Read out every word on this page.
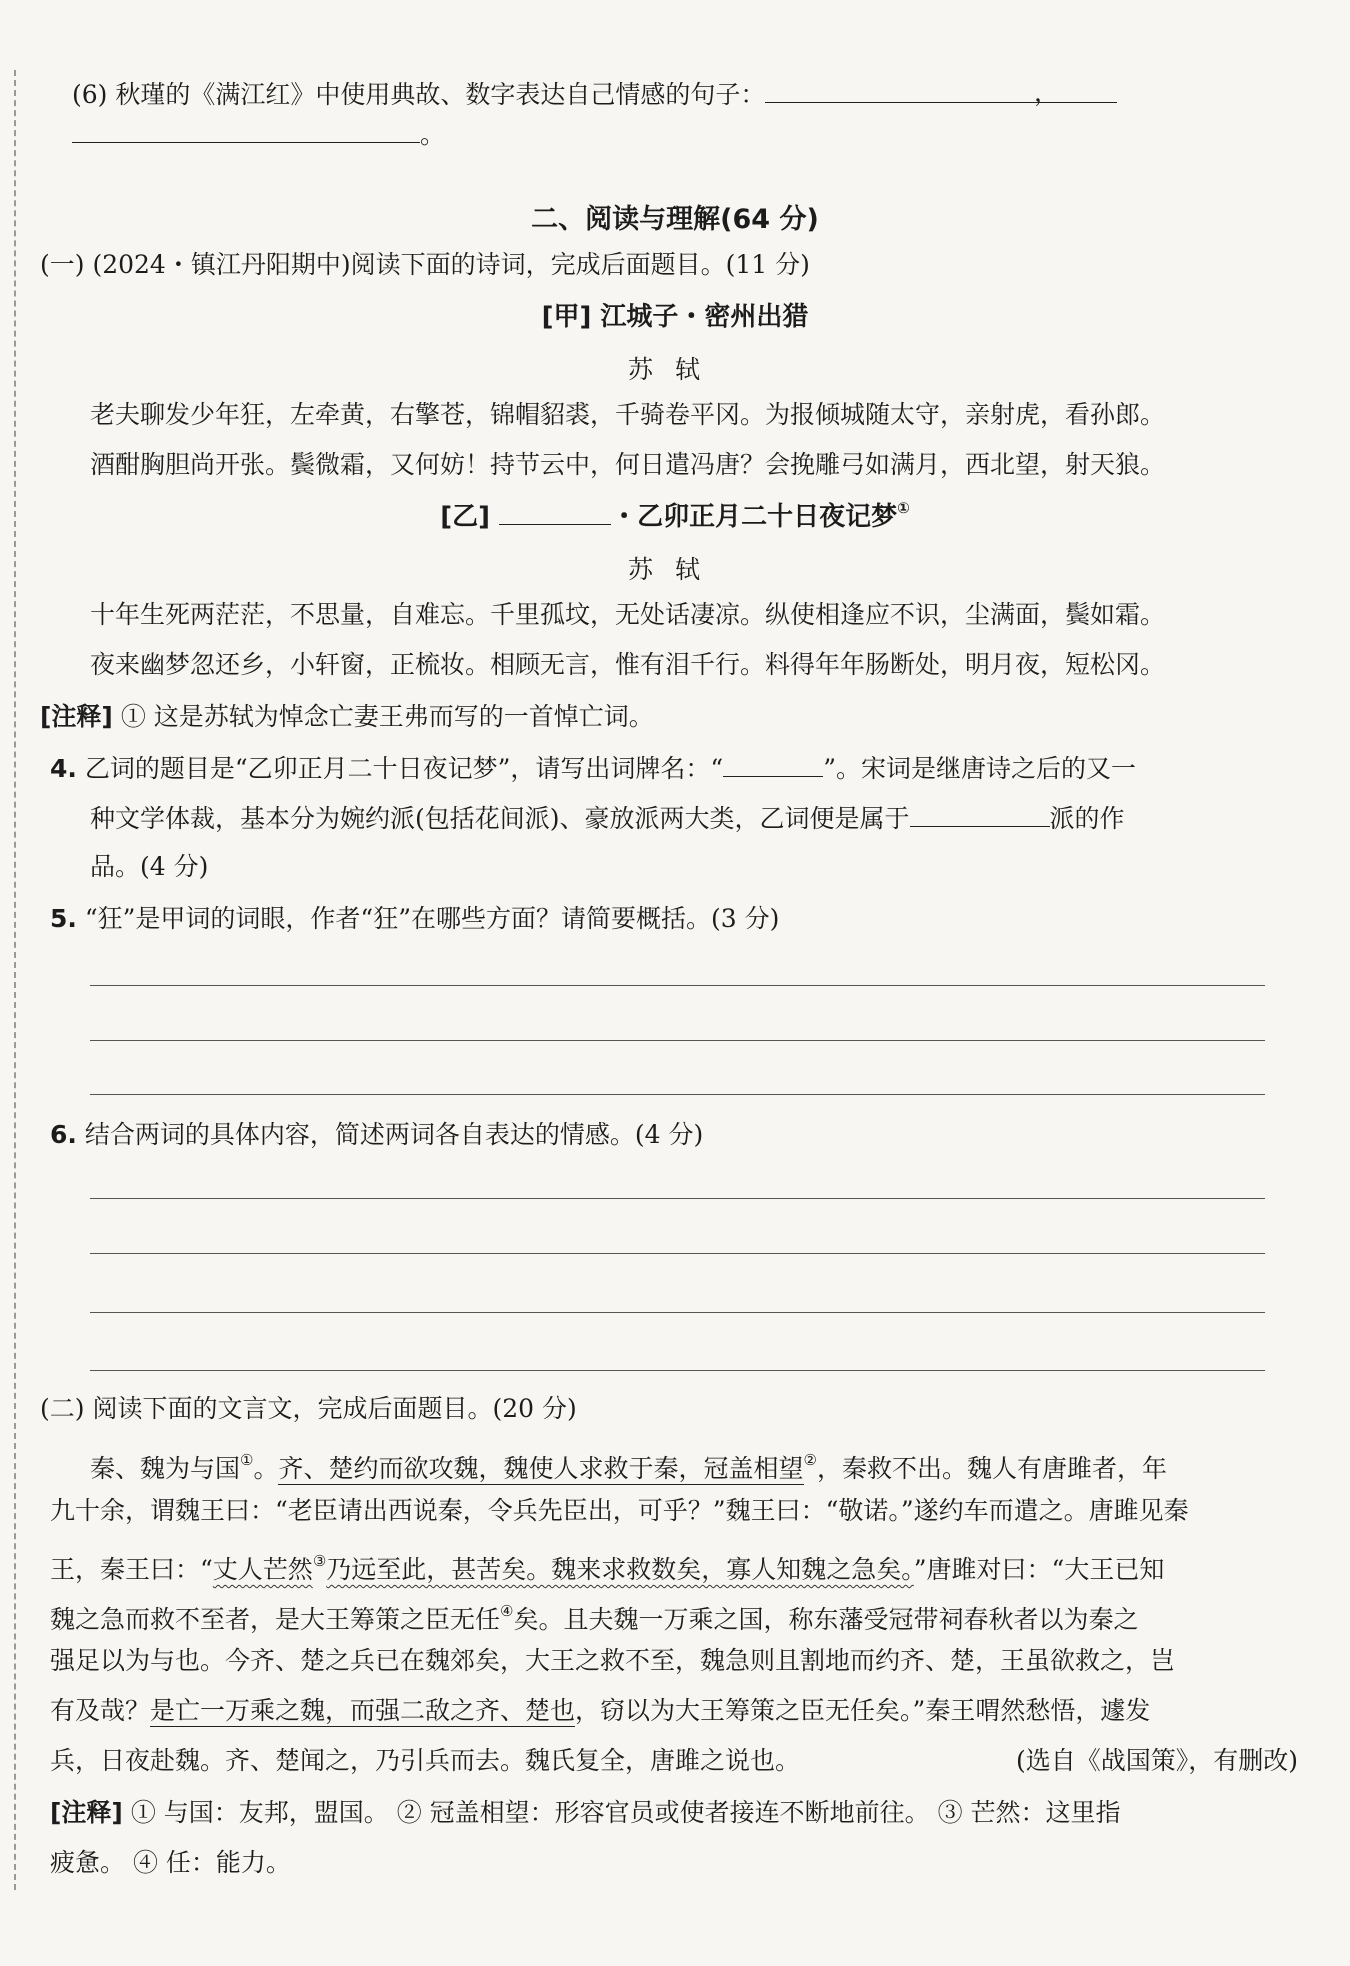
(6) 秋瑾的《满江红》中使用典故、数字表达自己情感的句子：	，
。
二、阅读与理解(64 分)
(一) (2024・镇江丹阳期中)阅读下面的诗词，完成后面题目。(11 分)
[甲] 江城子・密州出猎
苏轼
老夫聊发少年狂，左牵黄，右擎苍，锦帽貂裘，千骑卷平冈。为报倾城随太守，亲射虎，看孙郎。
酒酣胸胆尚开张。鬓微霜，又何妨！持节云中，何日遣冯唐？会挽雕弓如满月，西北望，射天狼。
[乙]	・乙卯正月二十日夜记梦①
苏轼
十年生死两茫茫，不思量，自难忘。千里孤坟，无处话凄凉。纵使相逢应不识，尘满面，鬓如霜。
夜来幽梦忽还乡，小轩窗，正梳妆。相顾无言，惟有泪千行。料得年年肠断处，明月夜，短松冈。
[注释] ① 这是苏轼为悼念亡妻王弗而写的一首悼亡词。
4. 乙词的题目是“乙卯正月二十日夜记梦”，请写出词牌名：“	”。宋词是继唐诗之后的又一
种文学体裁，基本分为婉约派(包括花间派)、豪放派两大类，乙词便是属于	派的作
品。(4 分)
5. “狂”是甲词的词眼，作者“狂”在哪些方面？请简要概括。(3 分)
6. 结合两词的具体内容，简述两词各自表达的情感。(4 分)
(二) 阅读下面的文言文，完成后面题目。(20 分)
秦、魏为与国①。齐、楚约而欲攻魏，魏使人求救于秦，冠盖相望②，秦救不出。魏人有唐雎者，年
九十余，谓魏王曰：“老臣请出西说秦，令兵先臣出，可乎？”魏王曰：“敬诺。”遂约车而遣之。唐雎见秦
王，秦王曰：“丈人芒然③乃远至此，甚苦矣。魏来求救数矣，寡人知魏之急矣。”唐雎对曰：“大王已知
魏之急而救不至者，是大王筹策之臣无任④矣。且夫魏一万乘之国，称东藩受冠带祠春秋者以为秦之
强足以为与也。今齐、楚之兵已在魏郊矣，大王之救不至，魏急则且割地而约齐、楚，王虽欲救之，岂
有及哉？是亡一万乘之魏，而强二敌之齐、楚也，窃以为大王筹策之臣无任矣。”秦王喟然愁悟，遽发
兵，日夜赴魏。齐、楚闻之，乃引兵而去。魏氏复全，唐雎之说也。	(选自《战国策》，有删改)
[注释] ① 与国：友邦，盟国。 ② 冠盖相望：形容官员或使者接连不断地前往。 ③ 芒然：这里指
疲惫。 ④ 任：能力。
